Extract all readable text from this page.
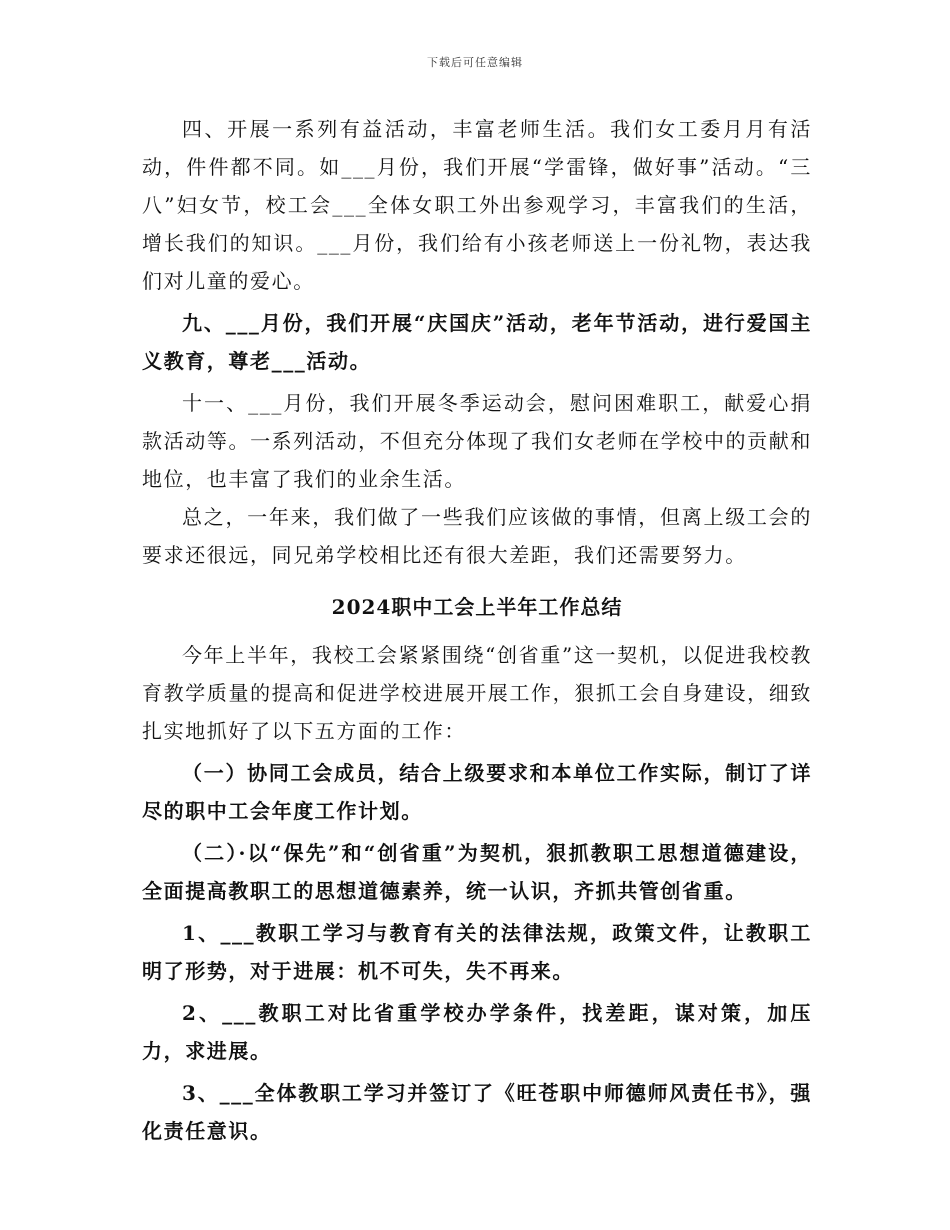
下载后可任意编辑

四、开展一系列有益活动，丰富老师生活。我们女工委月月有活动，件件都不同。如___月份，我们开展“学雷锋，做好事”活动。“三八”妇女节，校工会___全体女职工外出参观学习，丰富我们的生活，增长我们的知识。___月份，我们给有小孩老师送上一份礼物，表达我们对儿童的爱心。

九、___月份，我们开展“庆国庆”活动，老年节活动，进行爱国主义教育，尊老___活动。

十一、___月份，我们开展冬季运动会，慰问困难职工，献爱心捐款活动等。一系列活动，不但充分体现了我们女老师在学校中的贡献和地位，也丰富了我们的业余生活。

总之，一年来，我们做了一些我们应该做的事情，但离上级工会的要求还很远，同兄弟学校相比还有很大差距，我们还需要努力。

2024职中工会上半年工作总结

今年上半年，我校工会紧紧围绕“创省重”这一契机，以促进我校教育教学质量的提高和促进学校进展开展工作，狠抓工会自身建设，细致扎实地抓好了以下五方面的工作：

（一）协同工会成员，结合上级要求和本单位工作实际，制订了详尽的职中工会年度工作计划。

（二）·以“保先”和“创省重”为契机，狠抓教职工思想道德建设，全面提高教职工的思想道德素养，统一认识，齐抓共管创省重。

1、___教职工学习与教育有关的法律法规，政策文件，让教职工明了形势，对于进展：机不可失，失不再来。

2、___教职工对比省重学校办学条件，找差距，谋对策，加压力，求进展。

3、___全体教职工学习并签订了《旺苍职中师德师风责任书》，强化责任意识。
